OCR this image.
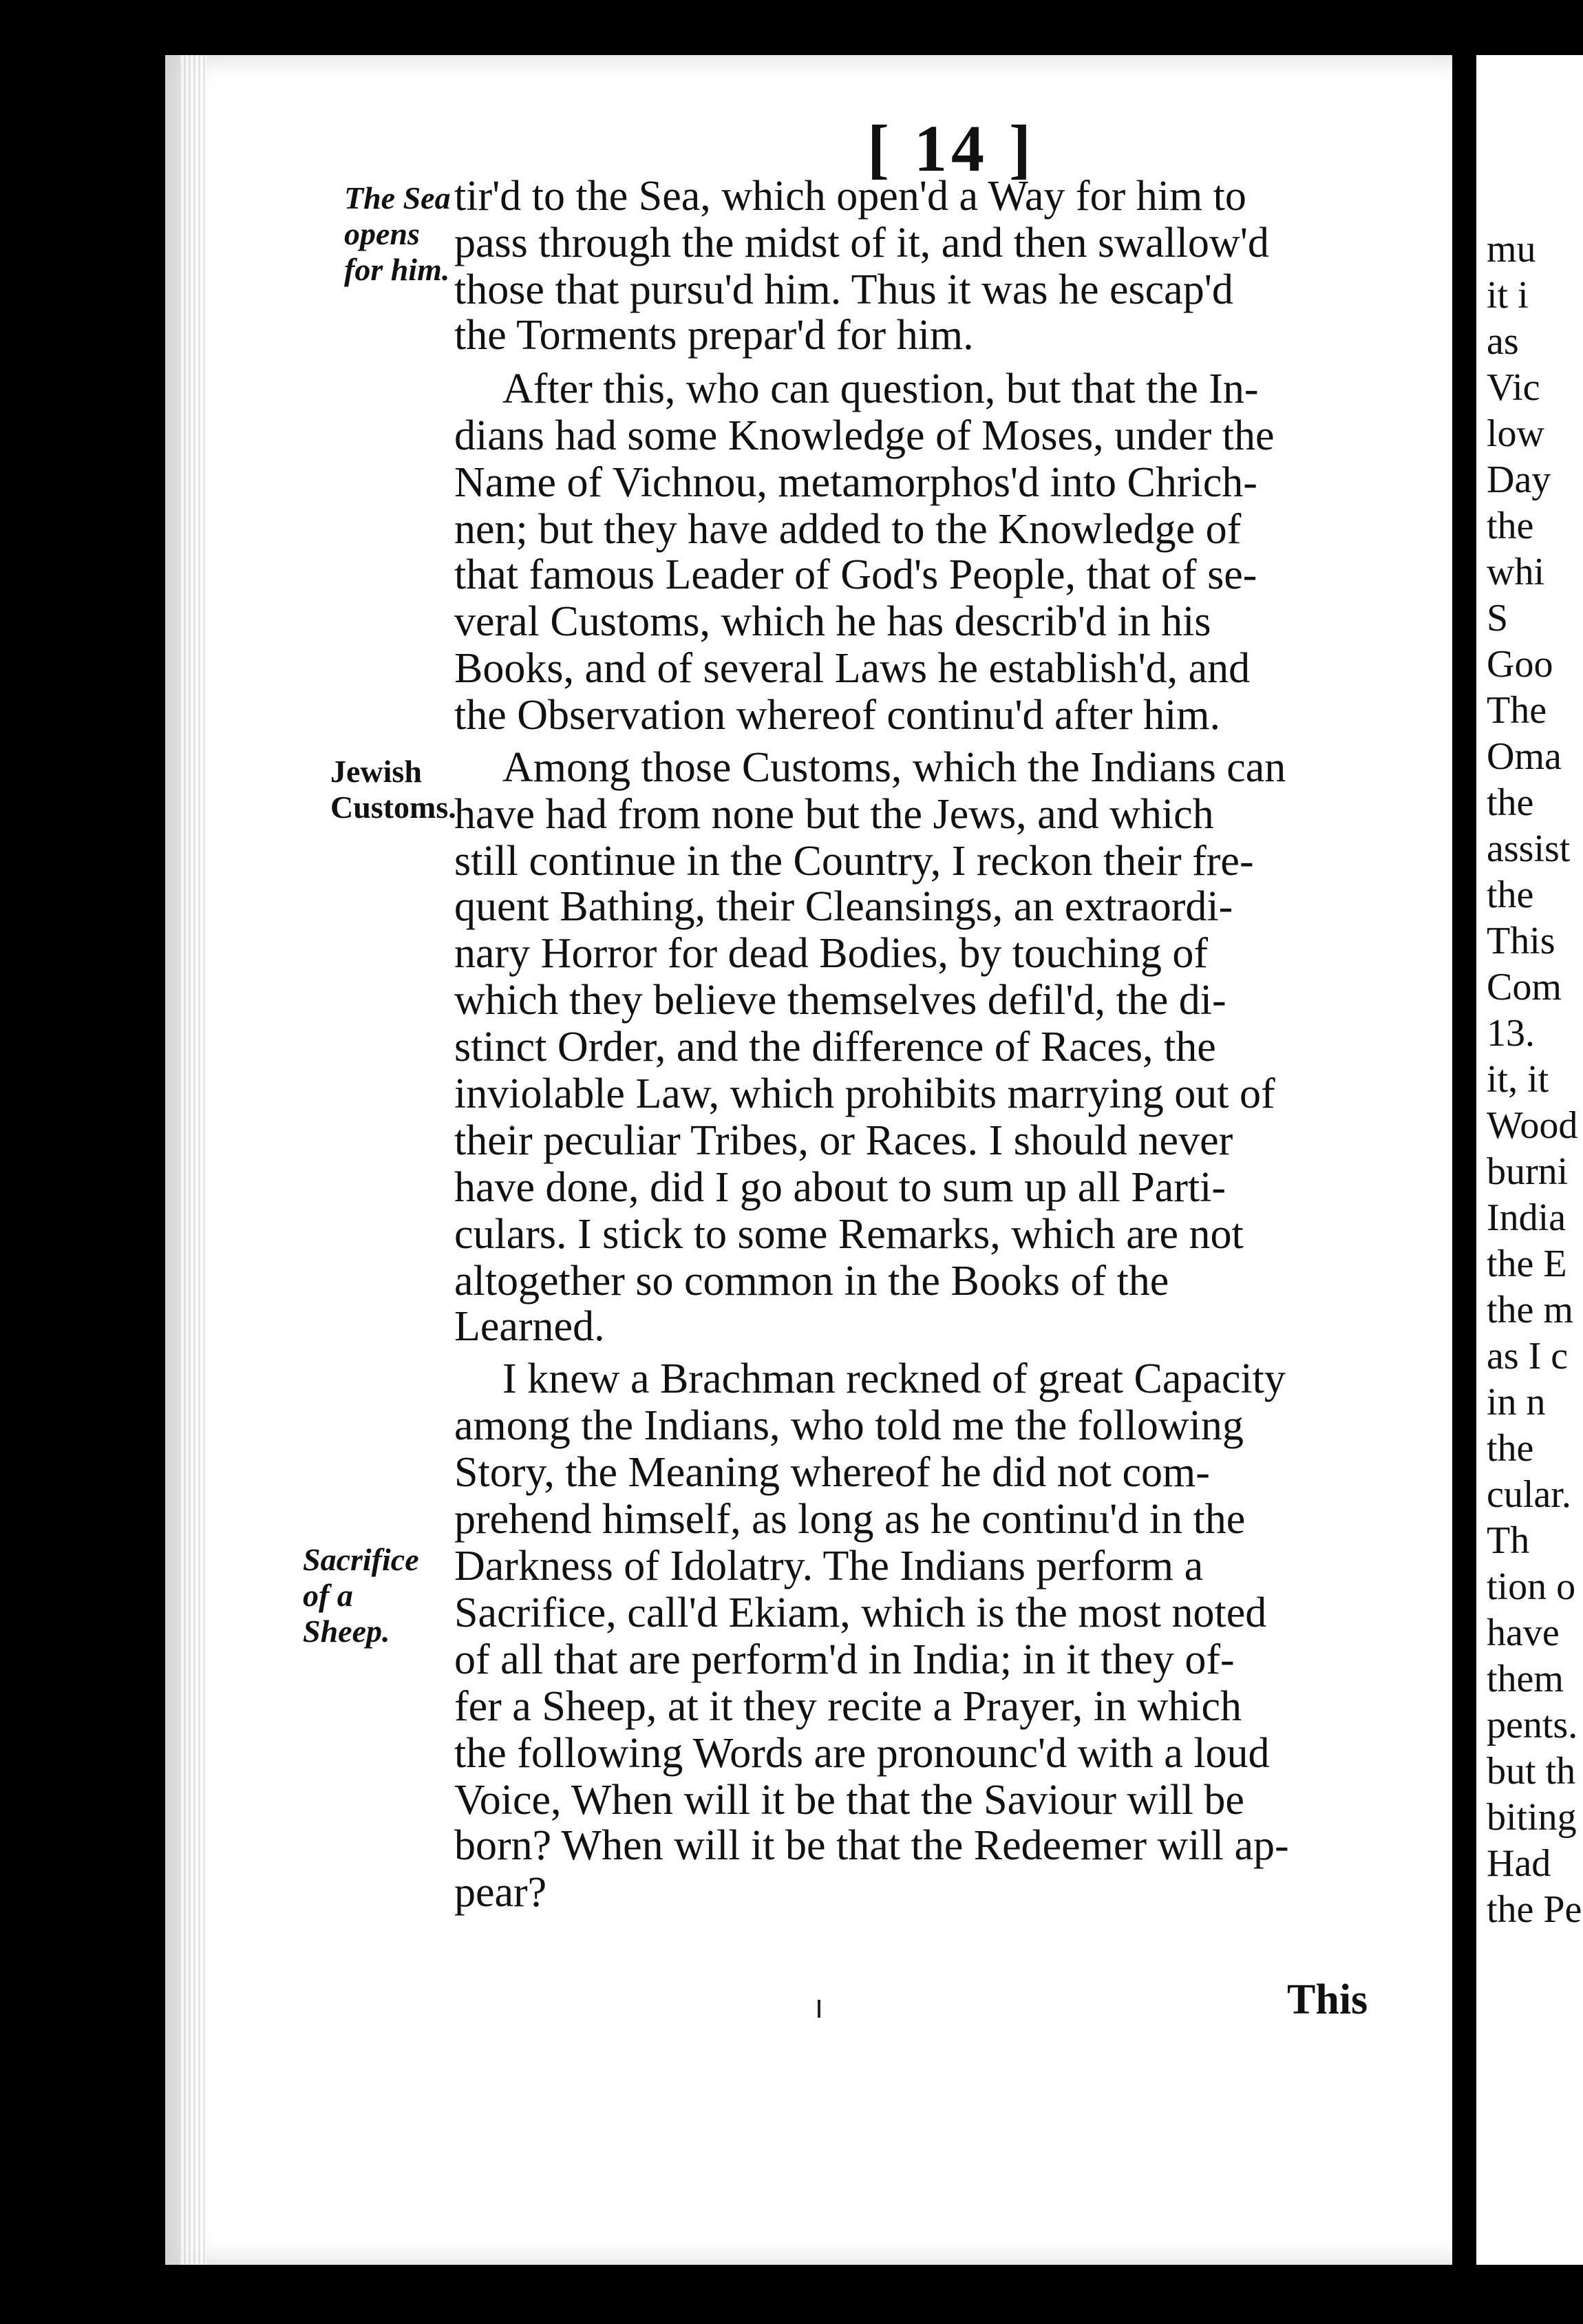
[ 14 ]
The Sea opens for him.
Jewish Customs.
Sacrifice of a Sheep.
tir'd to the Sea, which open'd a Way for him to
pass through the midst of it, and then swallow'd
those that pursu'd him. Thus it was he escap'd
the Torments prepar'd for him.
After this, who can question, but that the In-
dians had some Knowledge of Moses, under the
Name of Vichnou, metamorphos'd into Chrich-
nen; but they have added to the Knowledge of
that famous Leader of God's People, that of se-
veral Customs, which he has describ'd in his
Books, and of several Laws he establish'd, and
the Observation whereof continu'd after him.
Among those Customs, which the Indians can
have had from none but the Jews, and which
still continue in the Country, I reckon their fre-
quent Bathing, their Cleansings, an extraordi-
nary Horror for dead Bodies, by touching of
which they believe themselves defil'd, the di-
stinct Order, and the difference of Races, the
inviolable Law, which prohibits marrying out of
their peculiar Tribes, or Races. I should never
have done, did I go about to sum up all Parti-
culars. I stick to some Remarks, which are not
altogether so common in the Books of the
Learned.
I knew a Brachman reckned of great Capacity
among the Indians, who told me the following
Story, the Meaning whereof he did not com-
prehend himself, as long as he continu'd in the
Darkness of Idolatry. The Indians perform a
Sacrifice, call'd Ekiam, which is the most noted
of all that are perform'd in India; in it they of-
fer a Sheep, at it they recite a Prayer, in which
the following Words are pronounc'd with a loud
Voice, When will it be that the Saviour will be
born? When will it be that the Redeemer will ap-
pear?
This
mu
it i
as
Vic
low
Day
the
whi
S
Goo
The
Oma
the
assist
the
This
Com
13.
it, it
Wood
burni
India
the E
the m
as I c
in n
the
cular.
Th
tion o
have
them
pents.
but th
biting
Had
the Pe
